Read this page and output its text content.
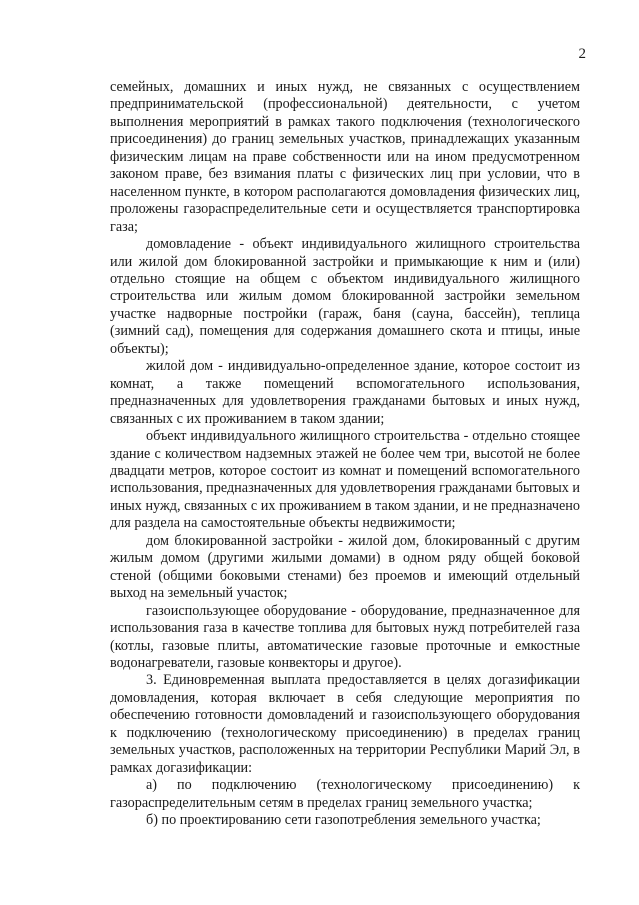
2

семейных, домашних и иных нужд, не связанных с осуществлением предпринимательской (профессиональной) деятельности, с учетом выполнения мероприятий в рамках такого подключения (технологического присоединения) до границ земельных участков, принадлежащих указанным физическим лицам на праве собственности или на ином предусмотренном законом праве, без взимания платы с физических лиц при условии, что в населенном пункте, в котором располагаются домовладения физических лиц, проложены газораспределительные сети и осуществляется транспортировка газа;

домовладение - объект индивидуального жилищного строительства или жилой дом блокированной застройки и примыкающие к ним и (или) отдельно стоящие на общем с объектом индивидуального жилищного строительства или жилым домом блокированной застройки земельном участке надворные постройки (гараж, баня (сауна, бассейн), теплица (зимний сад), помещения для содержания домашнего скота и птицы, иные объекты);

жилой дом - индивидуально-определенное здание, которое состоит из комнат, а также помещений вспомогательного использования, предназначенных для удовлетворения гражданами бытовых и иных нужд, связанных с их проживанием в таком здании;

объект индивидуального жилищного строительства - отдельно стоящее здание с количеством надземных этажей не более чем три, высотой не более двадцати метров, которое состоит из комнат и помещений вспомогательного использования, предназначенных для удовлетворения гражданами бытовых и иных нужд, связанных с их проживанием в таком здании, и не предназначено для раздела на самостоятельные объекты недвижимости;

дом блокированной застройки - жилой дом, блокированный с другим жилым домом (другими жилыми домами) в одном ряду общей боковой стеной (общими боковыми стенами) без проемов и имеющий отдельный выход на земельный участок;

газоиспользующее оборудование - оборудование, предназначенное для использования газа в качестве топлива для бытовых нужд потребителей газа (котлы, газовые плиты, автоматические газовые проточные и емкостные водонагреватели, газовые конвекторы и другое).

3. Единовременная выплата предоставляется в целях догазификации домовладения, которая включает в себя следующие мероприятия по обеспечению готовности домовладений и газоиспользующего оборудования к подключению (технологическому присоединению) в пределах границ земельных участков, расположенных на территории Республики Марий Эл, в рамках догазификации:

а) по подключению (технологическому присоединению) к газораспределительным сетям в пределах границ земельного участка;

б) по проектированию сети газопотребления земельного участка;
